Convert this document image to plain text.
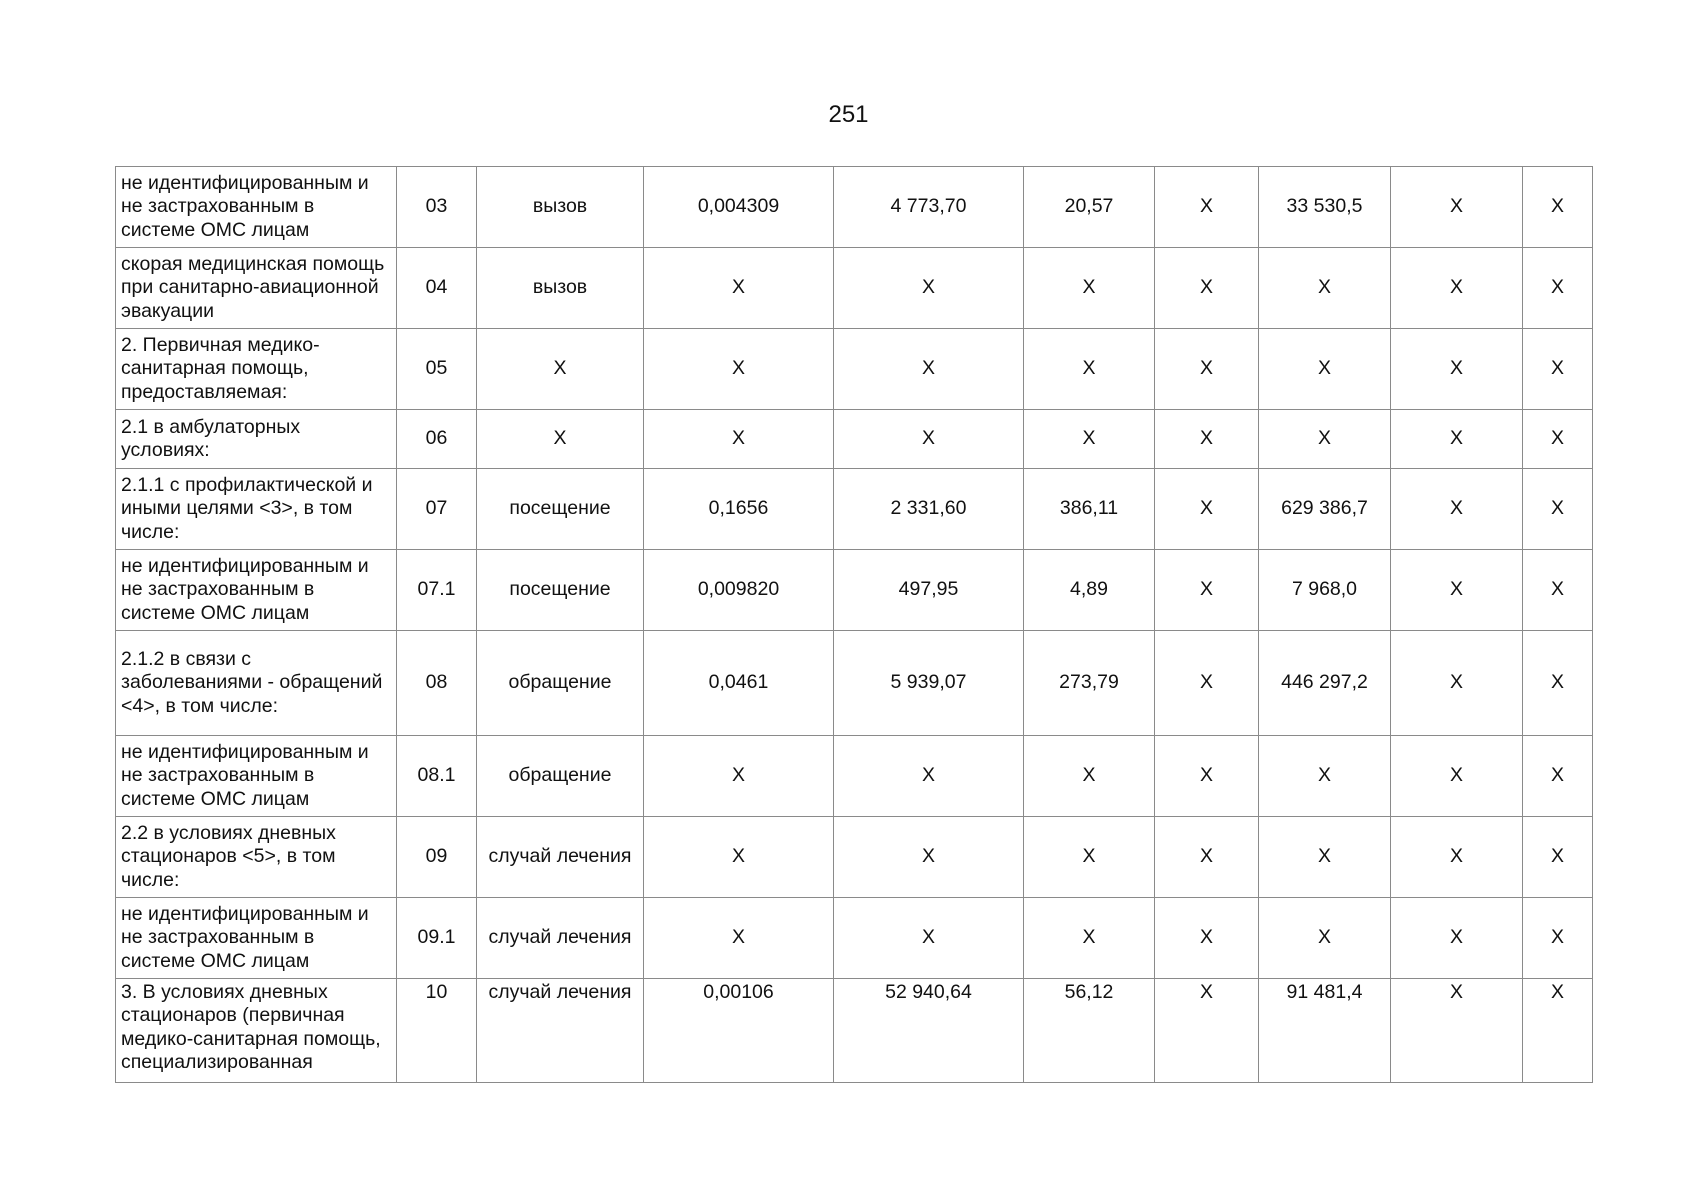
251
не идентифицированным и не застрахованным в системе ОМС лицам	03	вызов	0,004309	4 773,70	20,57	X	33 530,5	X	X
скорая медицинская помощь при санитарно-авиационной эвакуации	04	вызов	X	X	X	X	X	X	X
2. Первичная медико-санитарная помощь, предоставляемая:	05	X	X	X	X	X	X	X	X
2.1 в амбулаторных условиях:	06	X	X	X	X	X	X	X	X
2.1.1 с профилактической и иными целями <3>, в том числе:	07	посещение	0,1656	2 331,60	386,11	X	629 386,7	X	X
не идентифицированным и не застрахованным в системе ОМС лицам	07.1	посещение	0,009820	497,95	4,89	X	7 968,0	X	X
2.1.2 в связи с заболеваниями - обращений <4>, в том числе:	08	обращение	0,0461	5 939,07	273,79	X	446 297,2	X	X
не идентифицированным и не застрахованным в системе ОМС лицам	08.1	обращение	X	X	X	X	X	X	X
2.2 в условиях дневных стационаров <5>, в том числе:	09	случай лечения	X	X	X	X	X	X	X
не идентифицированным и не застрахованным в системе ОМС лицам	09.1	случай лечения	X	X	X	X	X	X	X
3. В условиях дневных стационаров (первичная медико-санитарная помощь, специализированная	10	случай лечения	0,00106	52 940,64	56,12	X	91 481,4	X	X
